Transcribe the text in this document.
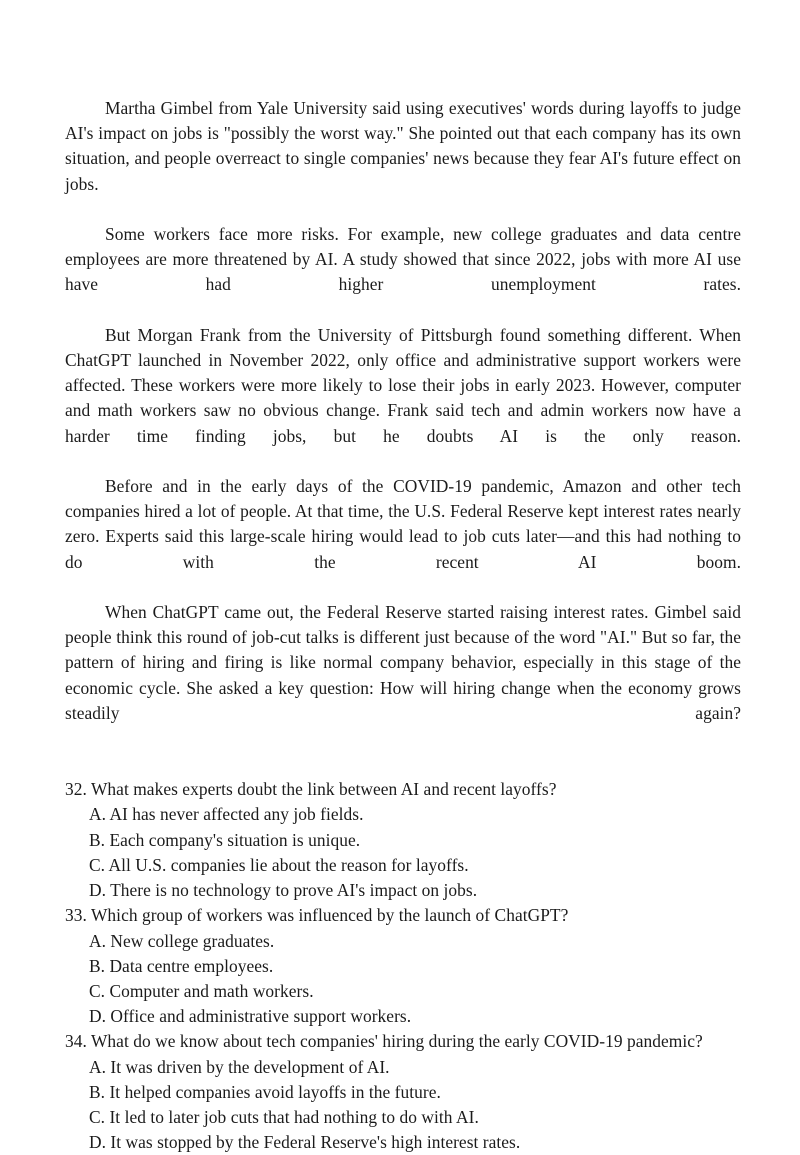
Martha Gimbel from Yale University said using executives' words during layoffs to judge AI's impact on jobs is "possibly the worst way." She pointed out that each company has its own situation, and people overreact to single companies' news because they fear AI's future effect on jobs.

Some workers face more risks. For example, new college graduates and data centre employees are more threatened by AI. A study showed that since 2022, jobs with more AI use have had higher unemployment rates.

But Morgan Frank from the University of Pittsburgh found something different. When ChatGPT launched in November 2022, only office and administrative support workers were affected. These workers were more likely to lose their jobs in early 2023. However, computer and math workers saw no obvious change. Frank said tech and admin workers now have a harder time finding jobs, but he doubts AI is the only reason.

Before and in the early days of the COVID-19 pandemic, Amazon and other tech companies hired a lot of people. At that time, the U.S. Federal Reserve kept interest rates nearly zero. Experts said this large-scale hiring would lead to job cuts later—and this had nothing to do with the recent AI boom.

When ChatGPT came out, the Federal Reserve started raising interest rates. Gimbel said people think this round of job-cut talks is different just because of the word "AI." But so far, the pattern of hiring and firing is like normal company behavior, especially in this stage of the economic cycle. She asked a key question: How will hiring change when the economy grows steadily again?

32. What makes experts doubt the link between AI and recent layoffs?

A. AI has never affected any job fields.

B. Each company's situation is unique.

C. All U.S. companies lie about the reason for layoffs.

D. There is no technology to prove AI's impact on jobs.

33. Which group of workers was influenced by the launch of ChatGPT?

A. New college graduates.

B. Data centre employees.

C. Computer and math workers.

D. Office and administrative support workers.

34. What do we know about tech companies' hiring during the early COVID-19 pandemic?

A. It was driven by the development of AI.

B. It helped companies avoid layoffs in the future.

C. It led to later job cuts that had nothing to do with AI.

D. It was stopped by the Federal Reserve's high interest rates.
